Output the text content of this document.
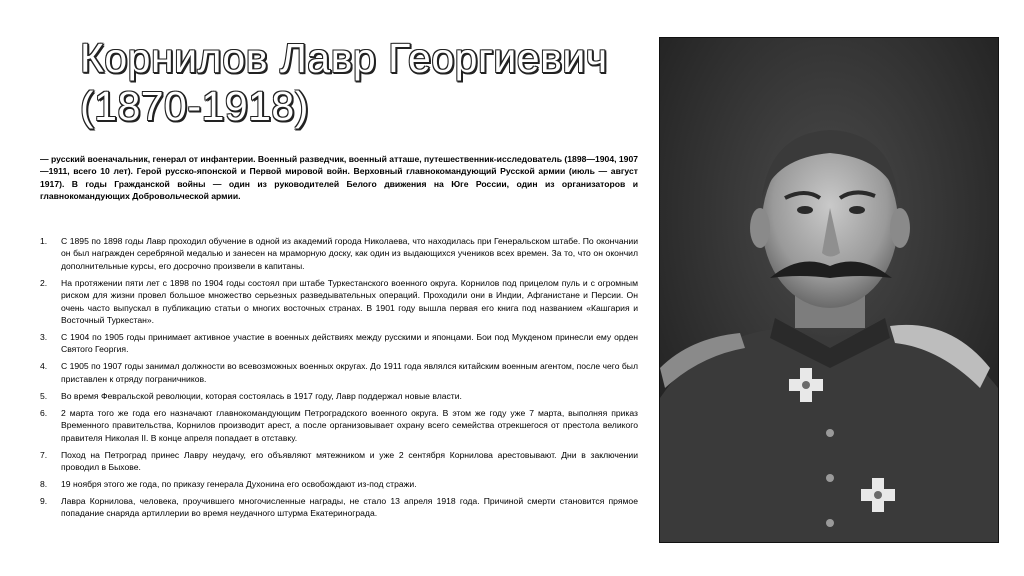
Корнилов Лавр Георгиевич
(1870-1918)
— русский военачальник, генерал от инфантерии. Военный разведчик, военный атташе, путешественник-исследователь (1898—1904, 1907—1911, всего 10 лет). Герой русско-японской и Первой мировой войн. Верховный главнокомандующий Русской армии (июль — август 1917). В годы Гражданской войны — один из руководителей Белого движения на Юге России, один из организаторов и главнокомандующих Добровольческой армии.
1.	С 1895 по 1898 годы Лавр проходил обучение в одной из академий города Николаева, что находилась при Генеральском штабе. По окончании он был награжден серебряной медалью и занесен на мраморную доску, как один из выдающихся учеников всех времен. За то, что он окончил дополнительные курсы, его досрочно произвели в капитаны.
2.	На протяжении пяти лет с 1898 по 1904 годы состоял при штабе Туркестанского военного округа. Корнилов под прицелом пуль и с огромным риском для жизни провел большое множество серьезных разведывательных операций. Проходили они в Индии, Афганистане и Персии. Он очень часто выпускал в публикацию статьи о многих восточных странах. В 1901 году вышла первая его книга под названием «Кашгария и Восточный Туркестан».
3.	С 1904 по 1905 годы принимает активное участие в военных действиях между русскими и японцами. Бои под Мукденом принесли ему орден Святого Георгия.
4.	С 1905 по 1907 годы занимал должности во всевозможных военных округах. До 1911 года являлся китайским военным агентом, после чего был приставлен к отряду пограничников.
5.	Во время Февральской революции, которая состоялась в 1917 году, Лавр поддержал новые власти.
6.	2 марта того же года его назначают главнокомандующим Петроградского военного округа. В этом же году уже 7 марта, выполняя приказ Временного правительства, Корнилов производит арест, а после организовывает охрану всего семейства отрекшегося от престола великого правителя Николая II. В конце апреля попадает в отставку.
7.	Поход на Петроград принес Лавру неудачу, его объявляют мятежником и уже 2 сентября Корнилова арестовывают. Дни в заключении проводил в Быхове.
8.	19 ноября этого же года, по приказу генерала Духонина его освобождают из-под стражи.
9.	Лавра Корнилова, человека, проучившего многочисленные награды, не стало 13 апреля 1918 года. Причиной смерти становится прямое попадание снаряда артиллерии во время неудачного штурма Екатеринограда.
